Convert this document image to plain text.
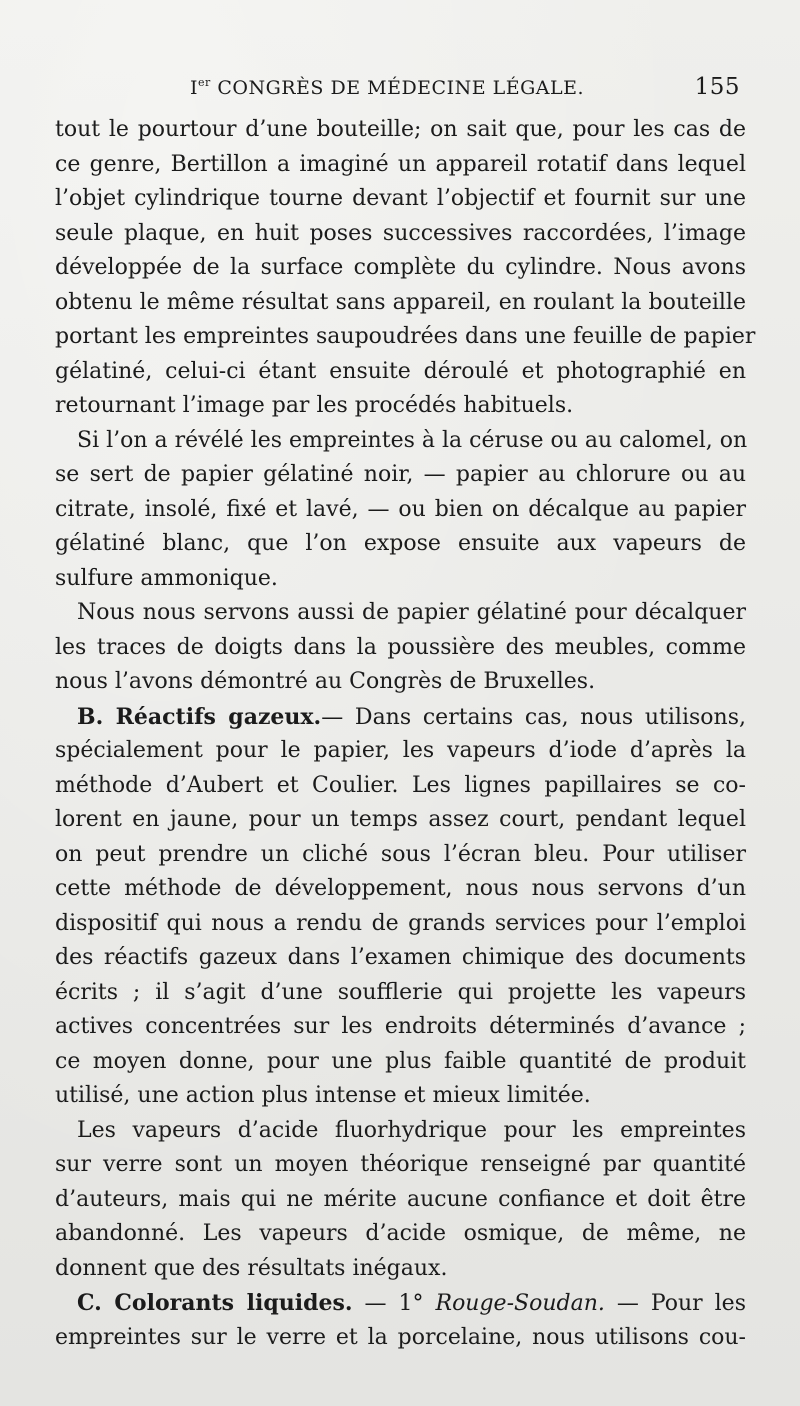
Ier CONGRÈS DE MÉDECINE LÉGALE.	155
tout le pourtour d’une bouteille; on sait que, pour les cas de
ce genre, Bertillon a imaginé un appareil rotatif dans lequel
l’objet cylindrique tourne devant l’objectif et fournit sur une
seule plaque, en huit poses successives raccordées, l’image
développée de la surface complète du cylindre. Nous avons
obtenu le même résultat sans appareil, en roulant la bouteille
portant les empreintes saupoudrées dans une feuille de papier
gélatiné, celui-ci étant ensuite déroulé et photographié en
retournant l’image par les procédés habituels.
Si l’on a révélé les empreintes à la céruse ou au calomel, on
se sert de papier gélatiné noir, — papier au chlorure ou au
citrate, insolé, fixé et lavé, — ou bien on décalque au papier
gélatiné blanc, que l’on expose ensuite aux vapeurs de
sulfure ammonique.
Nous nous servons aussi de papier gélatiné pour décalquer
les traces de doigts dans la poussière des meubles, comme
nous l’avons démontré au Congrès de Bruxelles.
B. Réactifs gazeux.— Dans certains cas, nous utilisons,
spécialement pour le papier, les vapeurs d’iode d’après la
méthode d’Aubert et Coulier. Les lignes papillaires se co-
lorent en jaune, pour un temps assez court, pendant lequel
on peut prendre un cliché sous l’écran bleu. Pour utiliser
cette méthode de développement, nous nous servons d’un
dispositif qui nous a rendu de grands services pour l’emploi
des réactifs gazeux dans l’examen chimique des documents
écrits ; il s’agit d’une soufflerie qui projette les vapeurs
actives concentrées sur les endroits déterminés d’avance ;
ce moyen donne, pour une plus faible quantité de produit
utilisé, une action plus intense et mieux limitée.
Les vapeurs d’acide fluorhydrique pour les empreintes
sur verre sont un moyen théorique renseigné par quantité
d’auteurs, mais qui ne mérite aucune confiance et doit être
abandonné. Les vapeurs d’acide osmique, de même, ne
donnent que des résultats inégaux.
C. Colorants liquides. — 1° Rouge-Soudan. — Pour les
empreintes sur le verre et la porcelaine, nous utilisons cou-
